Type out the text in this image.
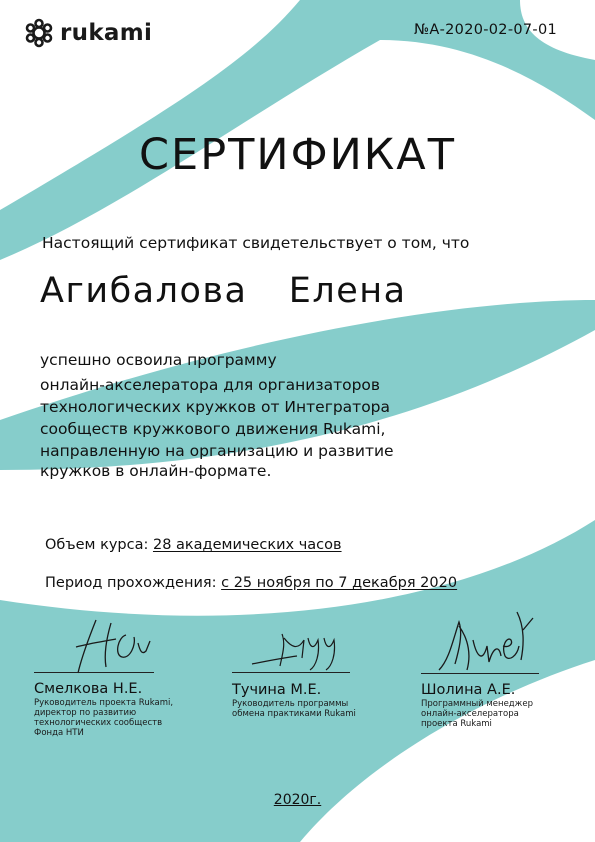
rukami	№А-2020-02-07-01
СЕРТИФИКАТ
Настоящий сертификат свидетельствует о том, что
Агибалова  Елена
успешно освоила программу
онлайн-акселератора для организаторов
технологических кружков от Интегратора
сообществ кружкового движения Rukami,
направленную на организацию и развитие
кружков в онлайн-формате.
Объем курса: 28 академических часов
Период прохождения: с 25 ноября по 7 декабря 2020
Смелкова Н.Е.
Руководитель проекта Rukami,
директор по развитию
технологических сообществ
Фонда НТИ
Тучина М.Е.
Руководитель программы
обмена практиками Rukami
Шолина А.Е.
Программный менеджер
онлайн-акселератора
проекта Rukami
2020г.
